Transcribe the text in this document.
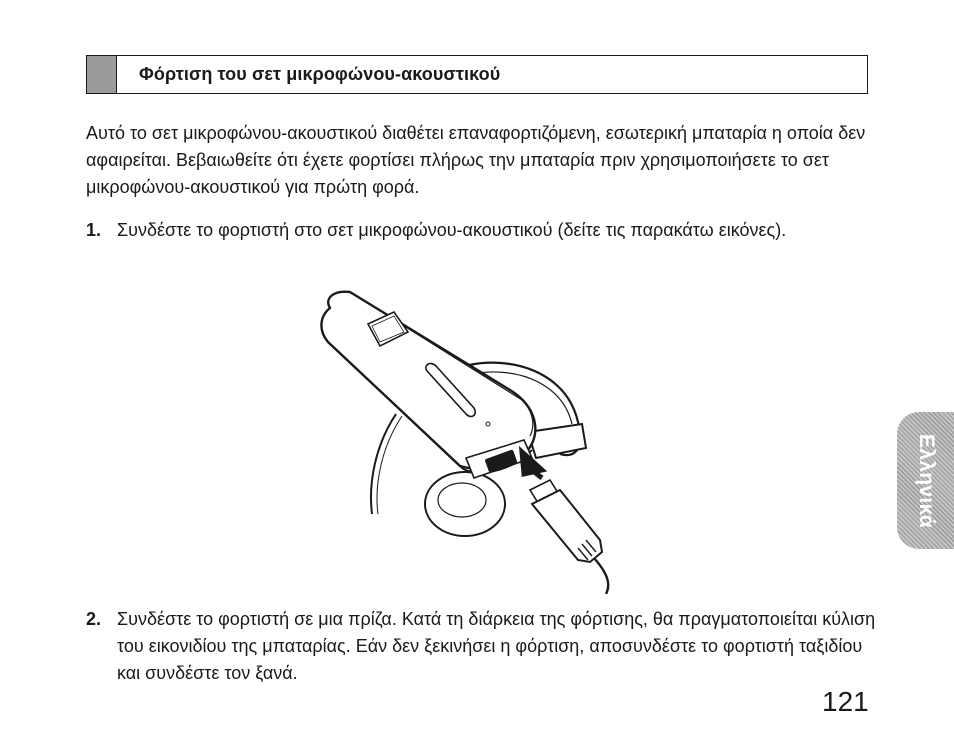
Φόρτιση του σετ μικροφώνου-ακουστικού

Αυτό το σετ μικροφώνου-ακουστικού διαθέτει επαναφορτιζόμενη, εσωτερική μπαταρία η οποία δεν αφαιρείται. Βεβαιωθείτε ότι έχετε φορτίσει πλήρως την μπαταρία πριν χρησιμοποιήσετε το σετ μικροφώνου-ακουστικού για πρώτη φορά.

1. Συνδέστε το φορτιστή στο σετ μικροφώνου-ακουστικού (δείτε τις παρακάτω εικόνες).
2. Συνδέστε το φορτιστή σε μια πρίζα. Κατά τη διάρκεια της φόρτισης, θα πραγματοποιείται κύλιση του εικονιδίου της μπαταρίας. Εάν δεν ξεκινήσει η φόρτιση, αποσυνδέστε το φορτιστή ταξιδίου και συνδέστε τον ξανά.
Ελληνικά
121
